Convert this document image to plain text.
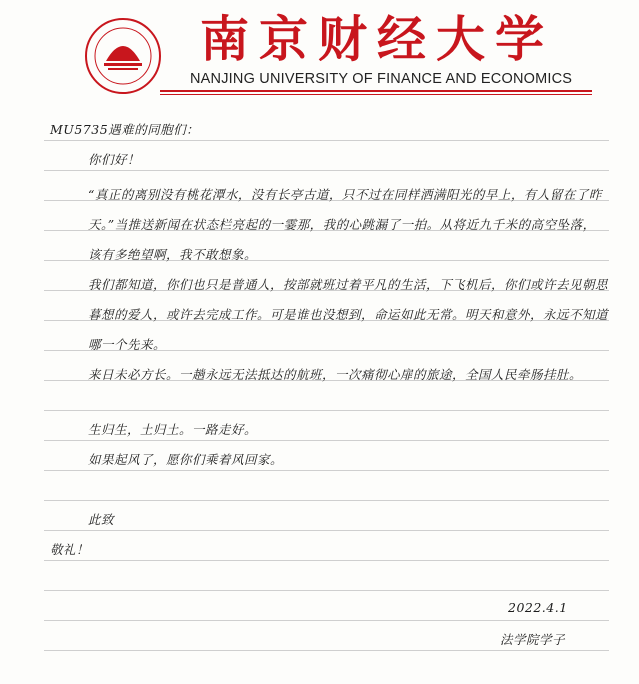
南京财经大学
NANJING UNIVERSITY OF FINANCE AND ECONOMICS
MU5735遇难的同胞们：
你们好！
“真正的离别没有桃花潭水，没有长亭古道，只不过在同样洒满阳光的早上，有人留在了昨天。”当推送新闻在状态栏亮起的一霎那，我的心跳漏了一拍。从将近九千米的高空坠落，该有多绝望啊，我不敢想象。
我们都知道，你们也只是普通人，按部就班过着平凡的生活，下飞机后，你们或许去见朝思暮想的爱人，或许去完成工作。可是谁也没想到，命运如此无常。明天和意外，永远不知道哪一个先来。
来日未必方长。一趟永远无法抵达的航班，一次痛彻心扉的旅途，全国人民牵肠挂肚。
生归生，土归土。一路走好。
如果起风了，愿你们乘着风回家。
此致
敬礼！
2022.4.1
法学院学子
